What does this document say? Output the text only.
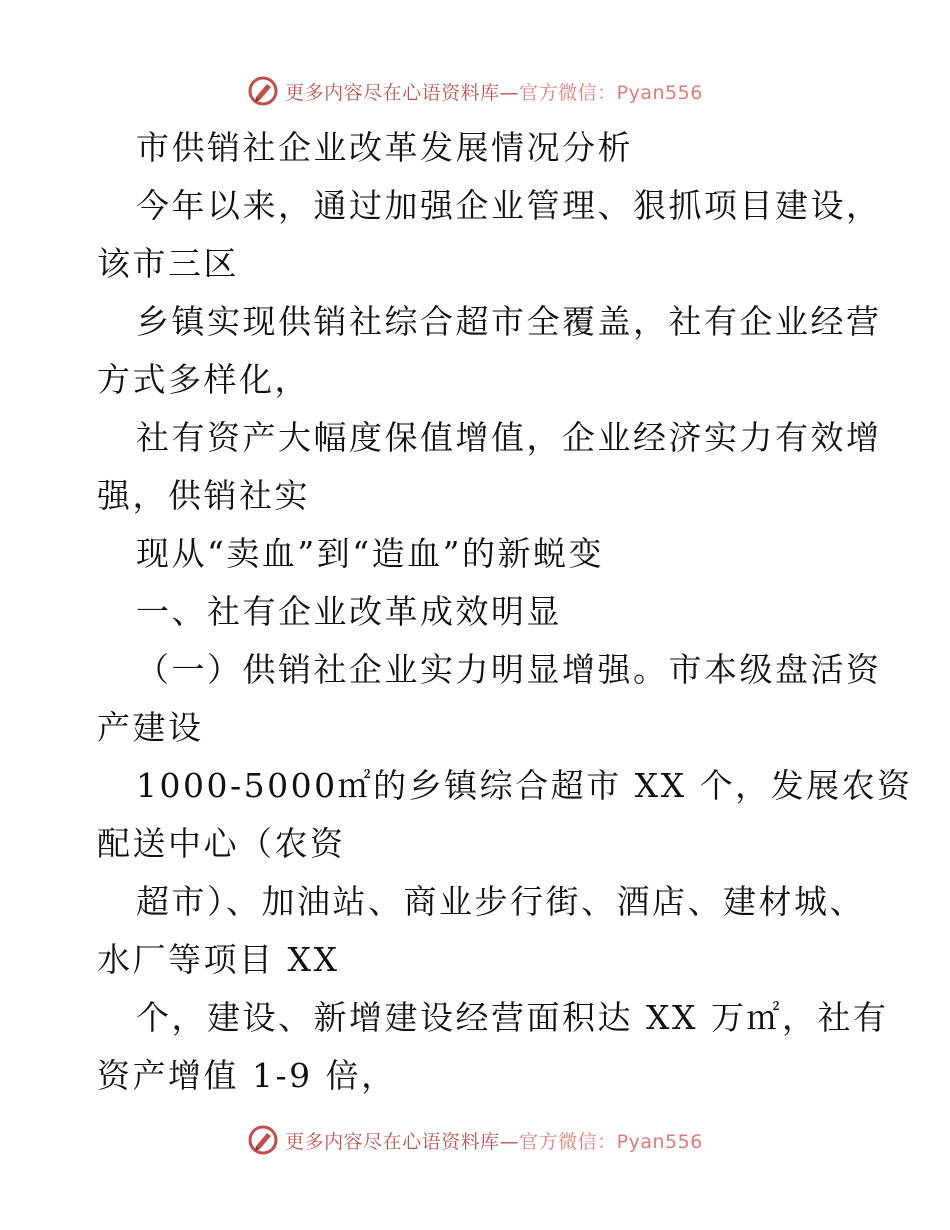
更多内容尽在心语资料库—官方微信：Pyan556
市供销社企业改革发展情况分析
今年以来，通过加强企业管理、狠抓项目建设，
该市三区
乡镇实现供销社综合超市全覆盖，社有企业经营
方式多样化，
社有资产大幅度保值增值，企业经济实力有效增
强，供销社实
现从“卖血”到“造血”的新蜕变
一、社有企业改革成效明显
（一）供销社企业实力明显增强。市本级盘活资
产建设
1000-5000㎡的乡镇综合超市 XX 个，发展农资
配送中心（农资
超市）、加油站、商业步行街、酒店、建材城、
水厂等项目 XX
个，建设、新增建设经营面积达 XX 万㎡，社有
资产增值 1-9 倍，
更多内容尽在心语资料库—官方微信：Pyan556
